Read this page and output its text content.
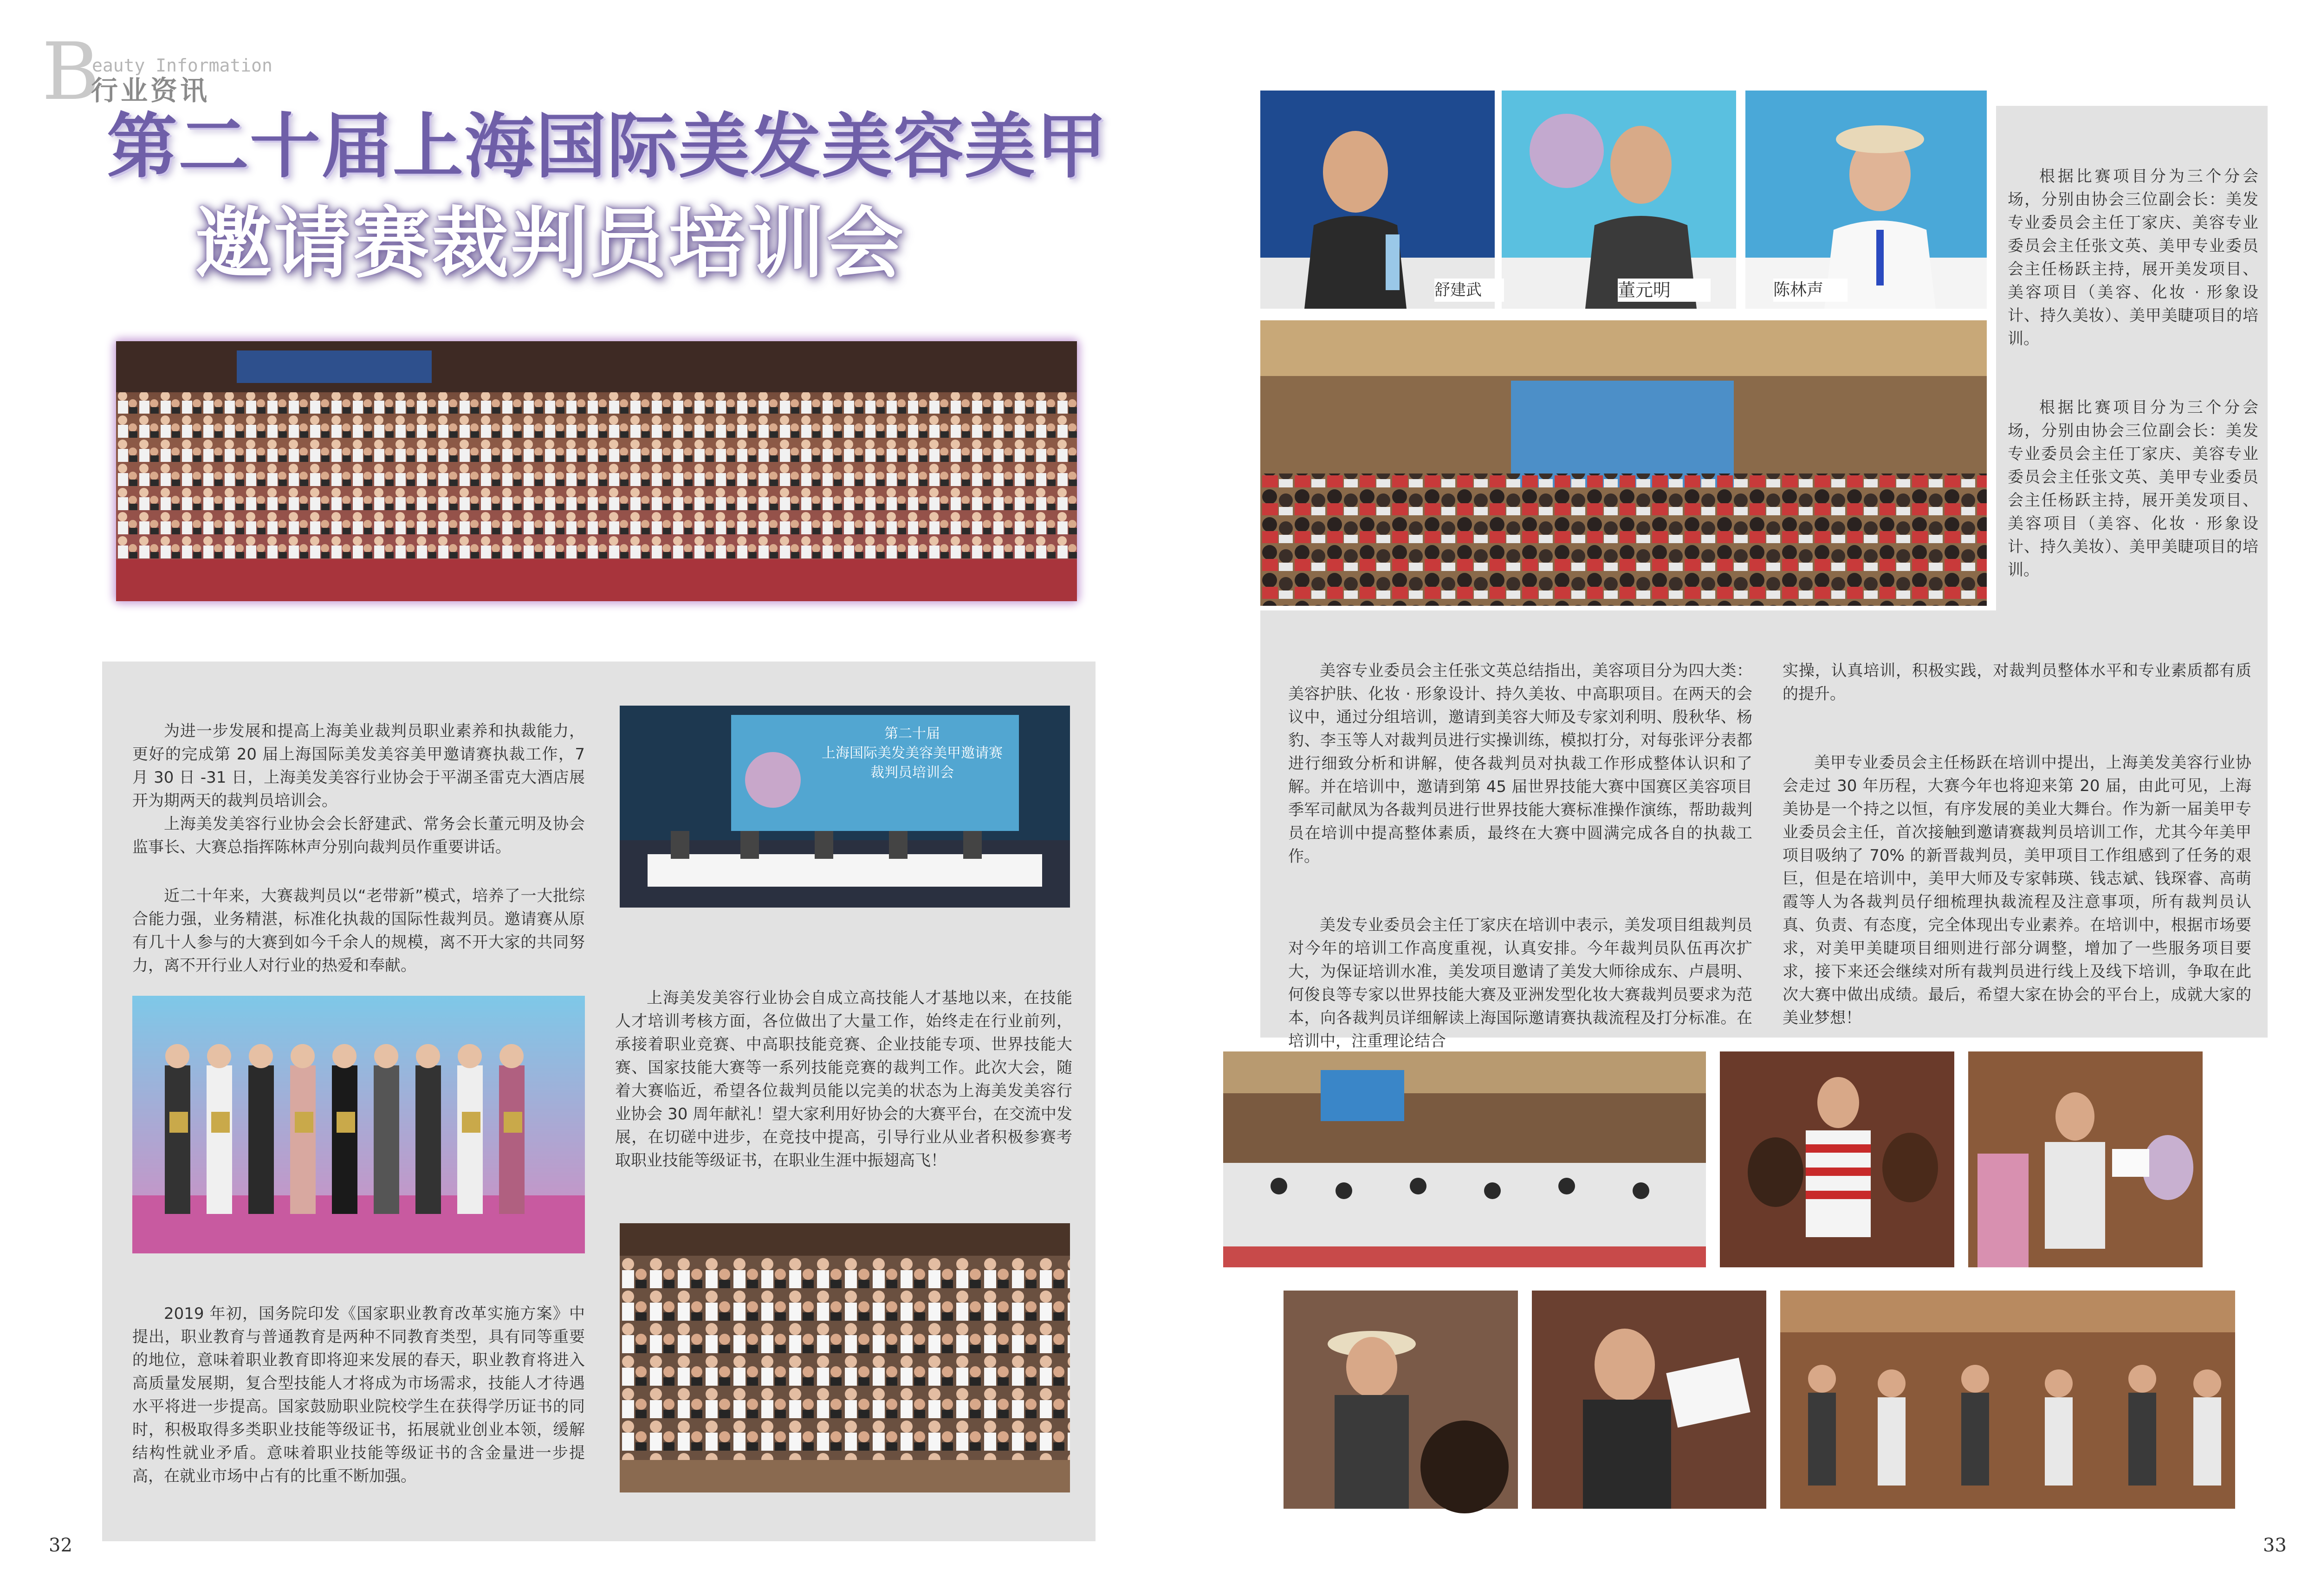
B
eauty Information
行业资讯
第二十届上海国际美发美容美甲
邀请赛裁判员培训会

为进一步发展和提高上海美业裁判员职业素养和执裁能力，更好的完成第 20 届上海国际美发美容美甲邀请赛执裁工作，7 月 30 日 -31 日，上海美发美容行业协会于平湖圣雷克大酒店展开为期两天的裁判员培训会。

上海美发美容行业协会会长舒建武、常务会长董元明及协会监事长、大赛总指挥陈林声分别向裁判员作重要讲话。

近二十年来，大赛裁判员以“老带新”模式，培养了一大批综合能力强，业务精湛，标准化执裁的国际性裁判员。邀请赛从原有几十人参与的大赛到如今千余人的规模，离不开大家的共同努力，离不开行业人对行业的热爱和奉献。

第二十届
上海国际美发美容美甲邀请赛
裁判员培训会

上海美发美容行业协会自成立高技能人才基地以来，在技能人才培训考核方面，各位做出了大量工作，始终走在行业前列，承接着职业竞赛、中高职技能竞赛、企业技能专项、世界技能大赛、国家技能大赛等一系列技能竞赛的裁判工作。此次大会，随着大赛临近，希望各位裁判员能以完美的状态为上海美发美容行业协会 30 周年献礼！望大家利用好协会的大赛平台，在交流中发展，在切磋中进步，在竞技中提高，引导行业从业者积极参赛考取职业技能等级证书，在职业生涯中振翅高飞！

2019 年初，国务院印发《国家职业教育改革实施方案》中提出，职业教育与普通教育是两种不同教育类型，具有同等重要的地位，意味着职业教育即将迎来发展的春天，职业教育将进入高质量发展期，复合型技能人才将成为市场需求，技能人才待遇水平将进一步提高。国家鼓励职业院校学生在获得学历证书的同时，积极取得多类职业技能等级证书，拓展就业创业本领，缓解结构性就业矛盾。意味着职业技能等级证书的含金量进一步提高，在就业市场中占有的比重不断加强。

32
董元明	陈林声
舒建武

根据比赛项目分为三个分会场，分别由协会三位副会长：美发专业委员会主任丁家庆、美容专业委员会主任张文英、美甲专业委员会主任杨跃主持，展开美发项目、美容项目（美容、化妆 · 形象设计、持久美妆）、美甲美睫项目的培训。

根据比赛项目分为三个分会场，分别由协会三位副会长：美发专业委员会主任丁家庆、美容专业委员会主任张文英、美甲专业委员会主任杨跃主持，展开美发项目、美容项目（美容、化妆 · 形象设计、持久美妆）、美甲美睫项目的培训。

美容专业委员会主任张文英总结指出，美容项目分为四大类：美容护肤、化妆 · 形象设计、持久美妆、中高职项目。在两天的会议中，通过分组培训，邀请到美容大师及专家刘利明、殷秋华、杨豹、李玉等人对裁判员进行实操训练，模拟打分，对每张评分表都进行细致分析和讲解，使各裁判员对执裁工作形成整体认识和了解。并在培训中，邀请到第 45 届世界技能大赛中国赛区美容项目季军司献凤为各裁判员进行世界技能大赛标准操作演练，帮助裁判员在培训中提高整体素质，最终在大赛中圆满完成各自的执裁工作。

美发专业委员会主任丁家庆在培训中表示，美发项目组裁判员对今年的培训工作高度重视，认真安排。今年裁判员队伍再次扩大，为保证培训水准，美发项目邀请了美发大师徐成东、卢晨明、何俊良等专家以世界技能大赛及亚洲发型化妆大赛裁判员要求为范本，向各裁判员详细解读上海国际邀请赛执裁流程及打分标准。在培训中，注重理论结合

实操，认真培训，积极实践，对裁判员整体水平和专业素质都有质的提升。

美甲专业委员会主任杨跃在培训中提出，上海美发美容行业协会走过 30 年历程，大赛今年也将迎来第 20 届，由此可见，上海美协是一个持之以恒，有序发展的美业大舞台。作为新一届美甲专业委员会主任，首次接触到邀请赛裁判员培训工作，尤其今年美甲项目吸纳了 70% 的新晋裁判员，美甲项目工作组感到了任务的艰巨，但是在培训中，美甲大师及专家韩瑛、钱志斌、钱琛睿、高萌霞等人为各裁判员仔细梳理执裁流程及注意事项，所有裁判员认真、负责、有态度，完全体现出专业素养。在培训中，根据市场要求，对美甲美睫项目细则进行部分调整，增加了一些服务项目要求，接下来还会继续对所有裁判员进行线上及线下培训，争取在此次大赛中做出成绩。最后，希望大家在协会的平台上，成就大家的美业梦想！

33
